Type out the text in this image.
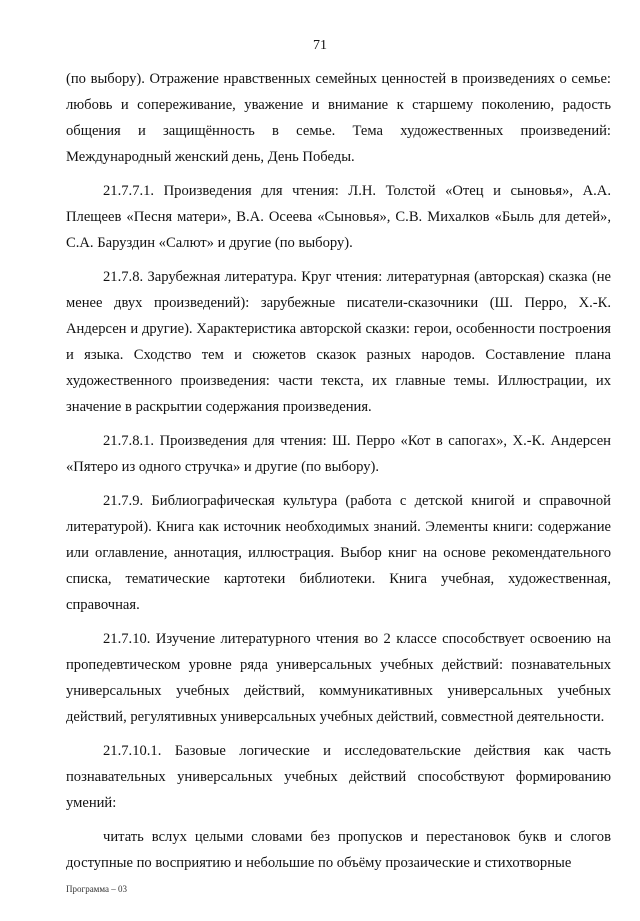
71

(по выбору). Отражение нравственных семейных ценностей в произведениях о семье: любовь и сопереживание, уважение и внимание к старшему поколению, радость общения и защищённость в семье. Тема художественных произведений: Международный женский день, День Победы.

21.7.7.1. Произведения для чтения: Л.Н. Толстой «Отец и сыновья», А.А. Плещеев «Песня матери», В.А. Осеева «Сыновья», С.В. Михалков «Быль для детей», С.А. Баруздин «Салют» и другие (по выбору).

21.7.8. Зарубежная литература. Круг чтения: литературная (авторская) сказка (не менее двух произведений): зарубежные писатели-сказочники (Ш. Перро, Х.-К. Андерсен и другие). Характеристика авторской сказки: герои, особенности построения и языка. Сходство тем и сюжетов сказок разных народов. Составление плана художественного произведения: части текста, их главные темы. Иллюстрации, их значение в раскрытии содержания произведения.

21.7.8.1. Произведения для чтения: Ш. Перро «Кот в сапогах», Х.-К. Андерсен «Пятеро из одного стручка» и другие (по выбору).

21.7.9. Библиографическая культура (работа с детской книгой и справочной литературой). Книга как источник необходимых знаний. Элементы книги: содержание или оглавление, аннотация, иллюстрация. Выбор книг на основе рекомендательного списка, тематические картотеки библиотеки. Книга учебная, художественная, справочная.

21.7.10. Изучение литературного чтения во 2 классе способствует освоению на пропедевтическом уровне ряда универсальных учебных действий: познавательных универсальных учебных действий, коммуникативных универсальных учебных действий, регулятивных универсальных учебных действий, совместной деятельности.

21.7.10.1. Базовые логические и исследовательские действия как часть познавательных универсальных учебных действий способствуют формированию умений:

читать вслух целыми словами без пропусков и перестановок букв и слогов доступные по восприятию и небольшие по объёму прозаические и стихотворные

Программа – 03
